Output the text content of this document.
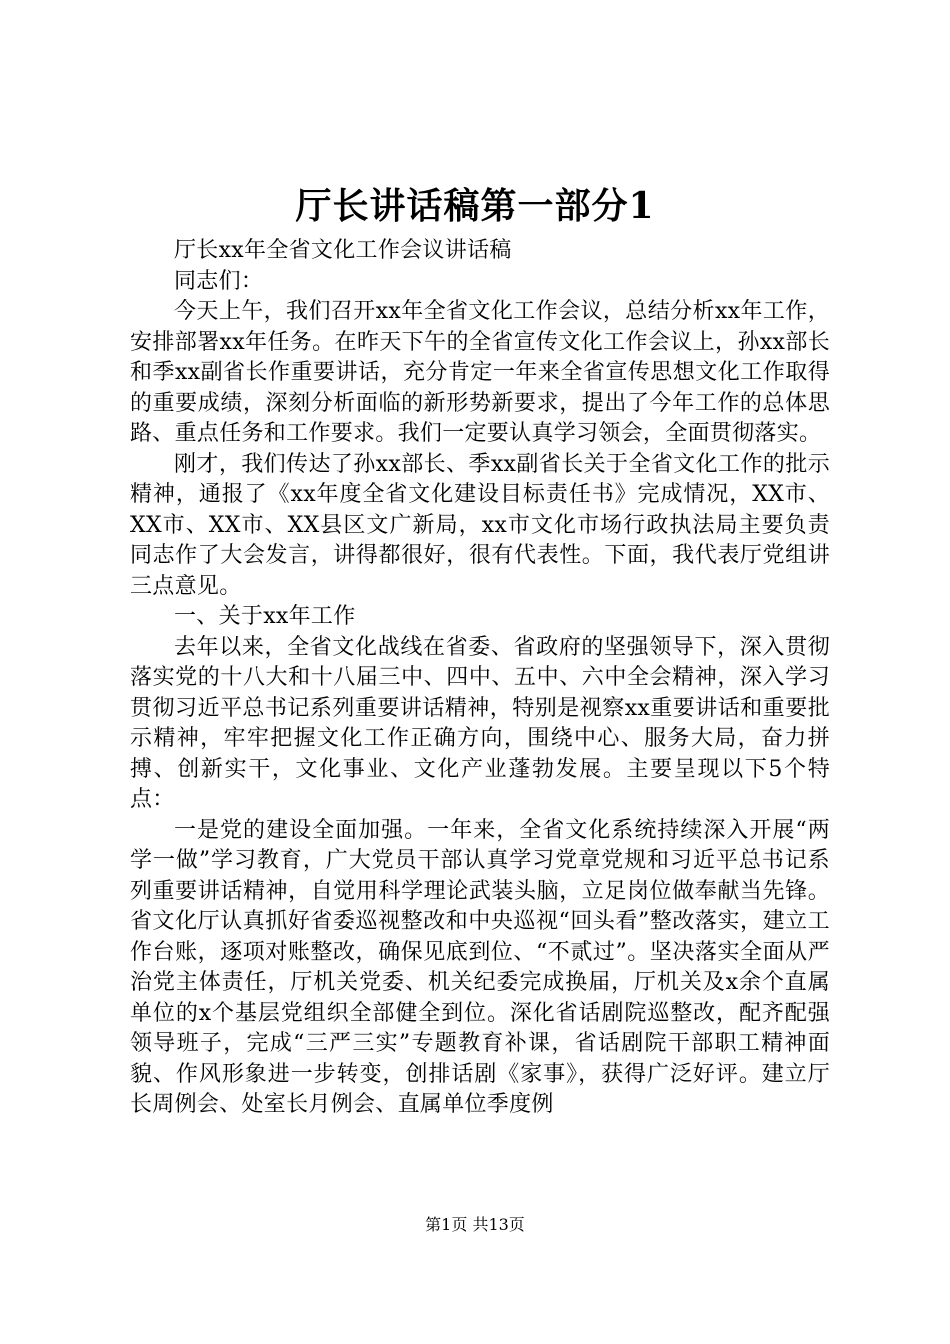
厅长讲话稿第一部分1

厅长xx年全省文化工作会议讲话稿

同志们：

今天上午，我们召开xx年全省文化工作会议，总结分析xx年工作，安排部署xx年任务。在昨天下午的全省宣传文化工作会议上，孙xx部长和季xx副省长作重要讲话，充分肯定一年来全省宣传思想文化工作取得的重要成绩，深刻分析面临的新形势新要求，提出了今年工作的总体思路、重点任务和工作要求。我们一定要认真学习领会，全面贯彻落实。

刚才，我们传达了孙xx部长、季xx副省长关于全省文化工作的批示精神，通报了《xx年度全省文化建设目标责任书》完成情况，XX市、XX市、XX市、XX县区文广新局，xx市文化市场行政执法局主要负责同志作了大会发言，讲得都很好，很有代表性。下面，我代表厅党组讲三点意见。

一、关于xx年工作

去年以来，全省文化战线在省委、省政府的坚强领导下，深入贯彻落实党的十八大和十八届三中、四中、五中、六中全会精神，深入学习贯彻习近平总书记系列重要讲话精神，特别是视察xx重要讲话和重要批示精神，牢牢把握文化工作正确方向，围绕中心、服务大局，奋力拼搏、创新实干，文化事业、文化产业蓬勃发展。主要呈现以下5个特点：

一是党的建设全面加强。一年来，全省文化系统持续深入开展“两学一做”学习教育，广大党员干部认真学习党章党规和习近平总书记系列重要讲话精神，自觉用科学理论武装头脑，立足岗位做奉献当先锋。省文化厅认真抓好省委巡视整改和中央巡视“回头看”整改落实，建立工作台账，逐项对账整改，确保见底到位、“不贰过”。坚决落实全面从严治党主体责任，厅机关党委、机关纪委完成换届，厅机关及x余个直属单位的x个基层党组织全部健全到位。深化省话剧院巡整改，配齐配强领导班子，完成“三严三实”专题教育补课，省话剧院干部职工精神面貌、作风形象进一步转变，创排话剧《家事》，获得广泛好评。建立厅长周例会、处室长月例会、直属单位季度例

第1页 共13页
